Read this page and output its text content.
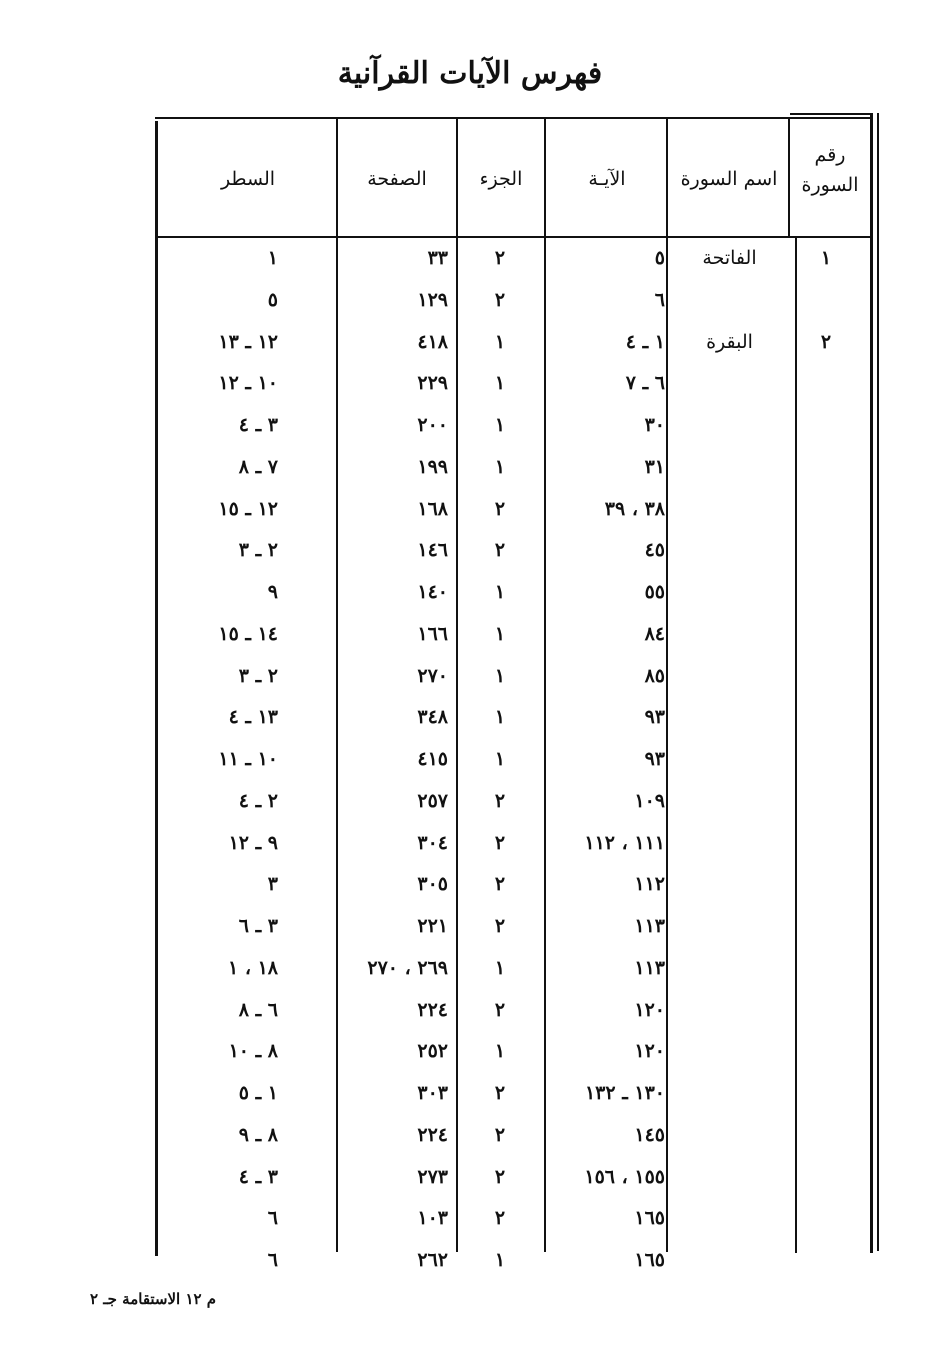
فهرس الآيات القرآنية
رقم السورة
اسم السورة
الآيـة
الجزء
الصفحة
السطر
١
الفاتحة
٥
٢
٣٣
١
٦
٢
١٢٩
٥
٢
البقرة
١ ـ ٤
١
٤١٨
١٢ ـ ١٣
٦ ـ ٧
١
٢٢٩
١٠ ـ ١٢
٣٠
١
٢٠٠
٣ ـ ٤
٣١
١
١٩٩
٧ ـ ٨
٣٨ ، ٣٩
٢
١٦٨
١٢ ـ ١٥
٤٥
٢
١٤٦
٢ ـ ٣
٥٥
١
١٤٠
٩
٨٤
١
١٦٦
١٤ ـ ١٥
٨٥
١
٢٧٠
٢ ـ ٣
٩٣
١
٣٤٨
١٣ ـ ٤
٩٣
١
٤١٥
١٠ ـ ١١
١٠٩
٢
٢٥٧
٢ ـ ٤
١١١ ، ١١٢
٢
٣٠٤
٩ ـ ١٢
١١٢
٢
٣٠٥
٣
١١٣
٢
٢٢١
٣ ـ ٦
١١٣
١
٢٦٩ ، ٢٧٠
١٨ ، ١
١٢٠
٢
٢٢٤
٦ ـ ٨
١٢٠
١
٢٥٢
٨ ـ ١٠
١٣٠ ـ ١٣٢
٢
٣٠٣
١ ـ ٥
١٤٥
٢
٢٢٤
٨ ـ ٩
١٥٥ ، ١٥٦
٢
٢٧٣
٣ ـ ٤
١٦٥
٢
١٠٣
٦
١٦٥
١
٢٦٢
٦
م ١٢ الاستقامة جـ ٢
